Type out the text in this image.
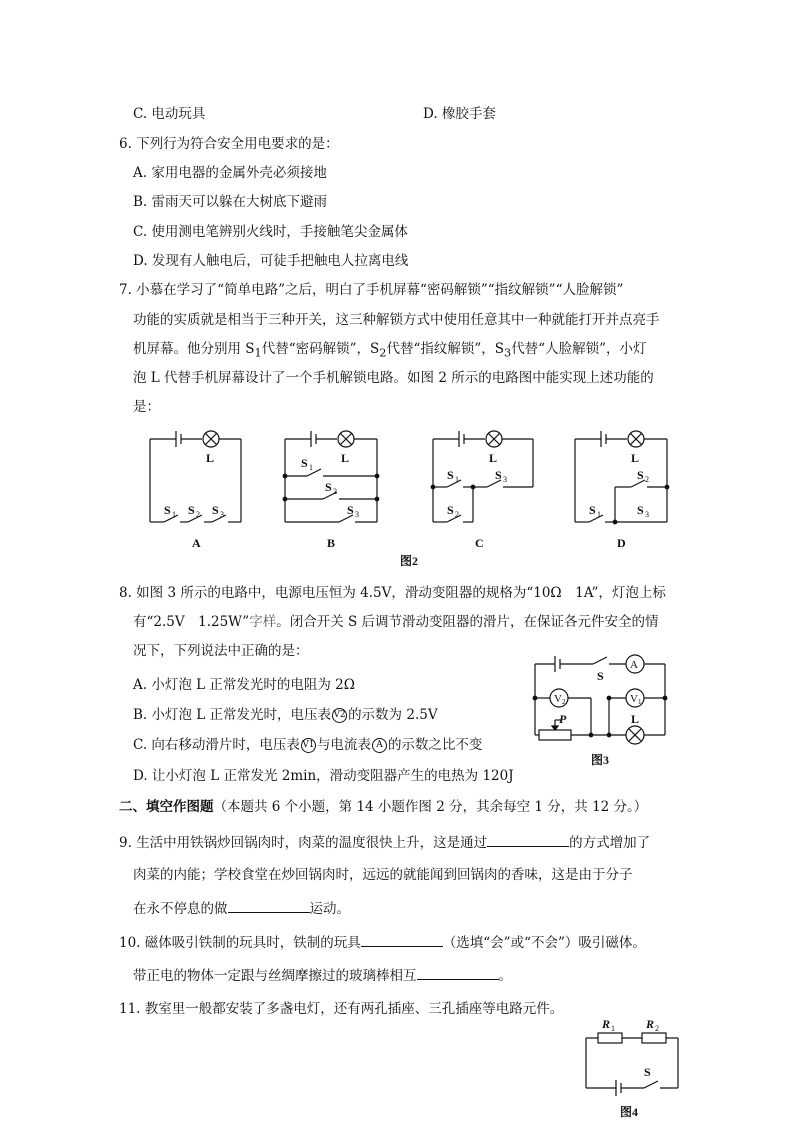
C. 电动玩具	D. 橡胶手套
6. 下列行为符合安全用电要求的是：
A. 家用电器的金属外壳必须接地
B. 雷雨天可以躲在大树底下避雨
C. 使用测电笔辨别火线时，手接触笔尖金属体
D. 发现有人触电后，可徒手把触电人拉离电线
7. 小慕在学习了“简单电路”之后，明白了手机屏幕“密码解锁”“指纹解锁”“人脸解锁”
功能的实质就是相当于三种开关，这三种解锁方式中使用任意其中一种就能打开并点亮手
机屏幕。他分别用 $S_1$代替“密码解锁”，$S_2$代替“指纹解锁”，$S_3$代替“人脸解锁”，小灯
泡 L 代替手机屏幕设计了一个手机解锁电路。如图 2 所示的电路图中能实现上述功能的
是：
L
S 1 S 2 S 3
A
L
S 1
S 2
S 3
B
L
S 1	S 3
S 2
C
L
S 2
S 1	S 3
D
图2
8. 如图 3 所示的电路中，电源电压恒为 4.5V，滑动变阻器的规格为“10Ω　1A”，灯泡上标
有“2.5V　1.25W”字样。闭合开关 S 后调节滑动变阻器的滑片，在保证各元件安全的情
况下，下列说法中正确的是：
A. 小灯泡 L 正常发光时的电阻为 2Ω
B. 小灯泡 L 正常发光时，电压表 V2 的示数为 2.5V
C. 向右移动滑片时，电压表 V1 与电流表 A 的示数之比不变
D. 让小灯泡 L 正常发光 2min，滑动变阻器产生的电热为 120J
A
V 2	V 1
S
P	L
图3
二、填空作图题（本题共 6 个小题，第 14 小题作图 2 分，其余每空 1 分，共 12 分。）
9. 生活中用铁锅炒回锅肉时，肉菜的温度很快上升，这是通过	的方式增加了
肉菜的内能；学校食堂在炒回锅肉时，远远的就能闻到回锅肉的香味，这是由于分子
在永不停息的做	运动。
10. 磁体吸引铁制的玩具时，铁制的玩具	（选填“会”或“不会”）吸引磁体。
带正电的物体一定跟与丝绸摩擦过的玻璃棒相互	。
11. 教室里一般都安装了多盏电灯，还有两孔插座、三孔插座等电路元件。
R 1	R 2
S
图4
